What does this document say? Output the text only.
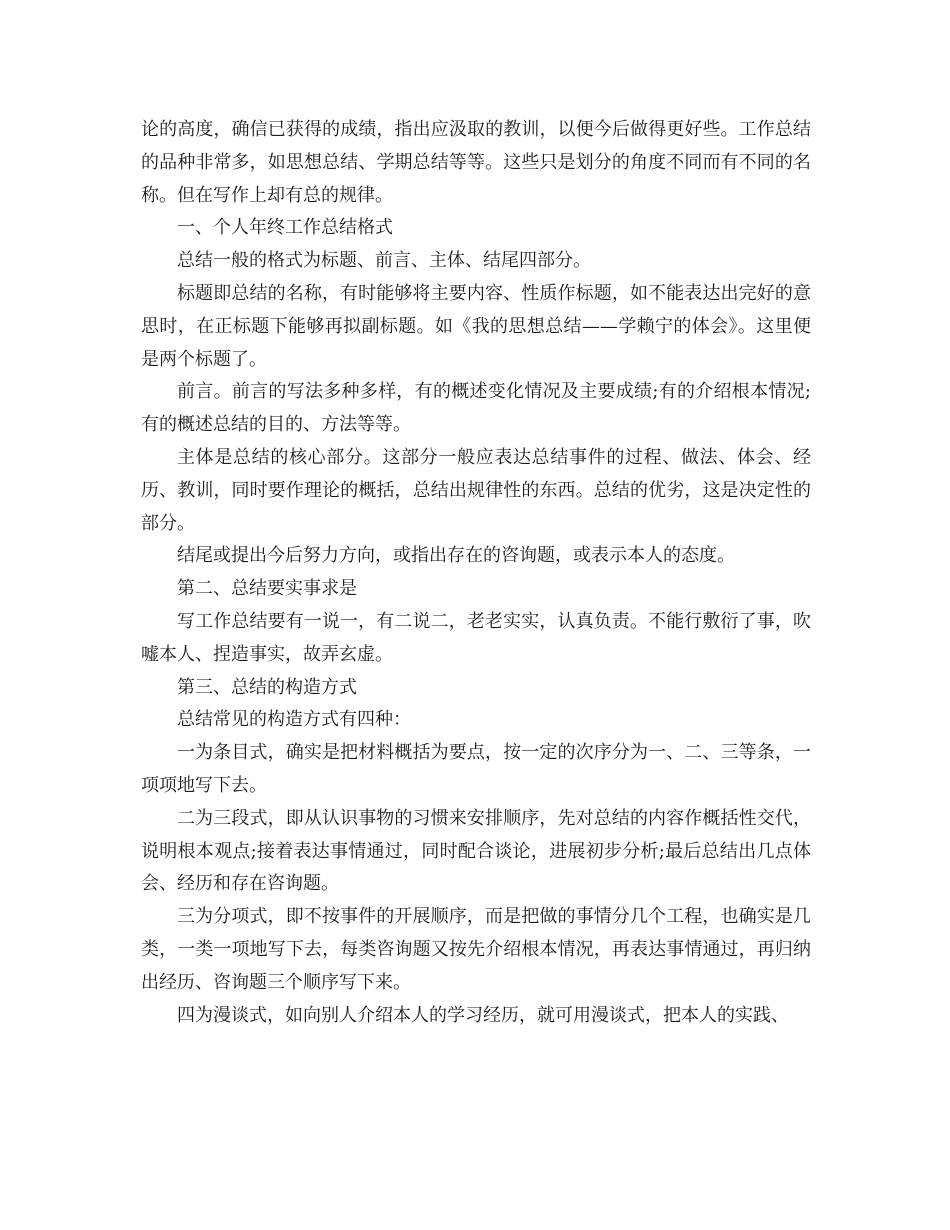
论的高度，确信已获得的成绩，指出应汲取的教训，以便今后做得更好些。工作总结的品种非常多，如思想总结、学期总结等等。这些只是划分的角度不同而有不同的名称。但在写作上却有总的规律。

一、个人年终工作总结格式

总结一般的格式为标题、前言、主体、结尾四部分。

标题即总结的名称，有时能够将主要内容、性质作标题，如不能表达出完好的意思时，在正标题下能够再拟副标题。如《我的思想总结——学赖宁的体会》。这里便是两个标题了。

前言。前言的写法多种多样，有的概述变化情况及主要成绩;有的介绍根本情况;有的概述总结的目的、方法等等。

主体是总结的核心部分。这部分一般应表达总结事件的过程、做法、体会、经历、教训，同时要作理论的概括，总结出规律性的东西。总结的优劣，这是决定性的部分。

结尾或提出今后努力方向，或指出存在的咨询题，或表示本人的态度。

第二、总结要实事求是

写工作总结要有一说一，有二说二，老老实实，认真负责。不能行敷衍了事，吹嘘本人、捏造事实，故弄玄虚。

第三、总结的构造方式

总结常见的构造方式有四种：

一为条目式，确实是把材料概括为要点，按一定的次序分为一、二、三等条，一项项地写下去。

二为三段式，即从认识事物的习惯来安排顺序，先对总结的内容作概括性交代，说明根本观点;接着表达事情通过，同时配合谈论，进展初步分析;最后总结出几点体会、经历和存在咨询题。

三为分项式，即不按事件的开展顺序，而是把做的事情分几个工程，也确实是几类，一类一项地写下去，每类咨询题又按先介绍根本情况，再表达事情通过，再归纳出经历、咨询题三个顺序写下来。

四为漫谈式，如向别人介绍本人的学习经历，就可用漫谈式，把本人的实践、
